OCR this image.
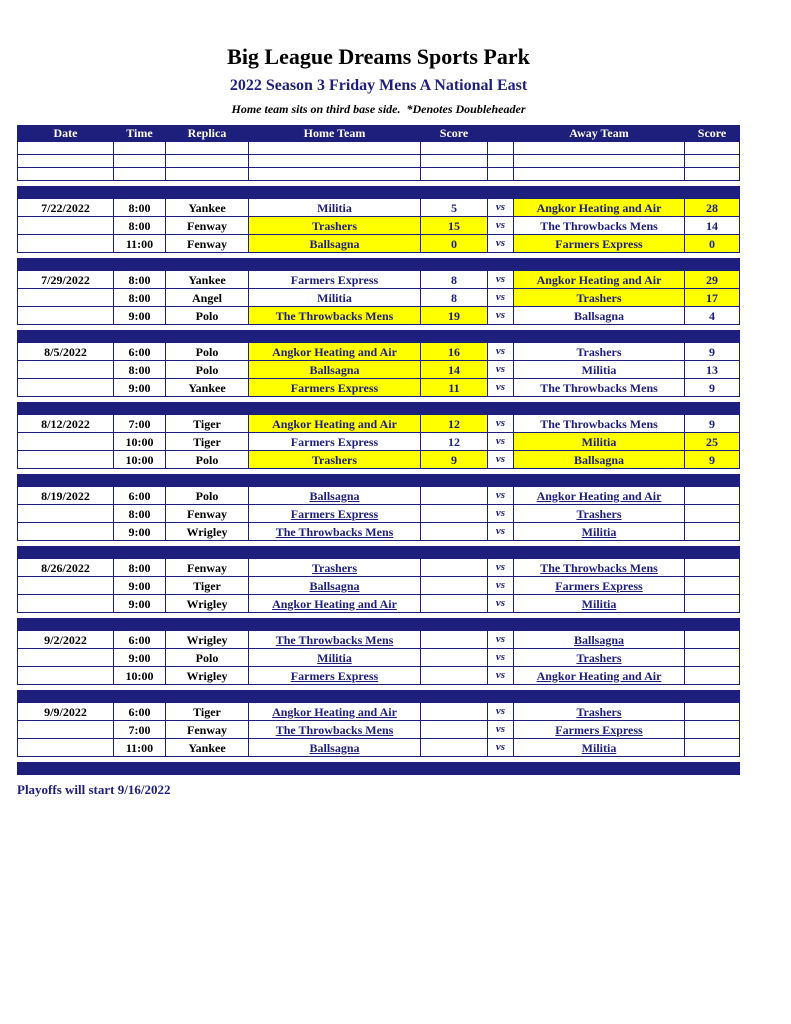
Big League Dreams Sports Park
2022 Season 3 Friday Mens A National East
Home team sits on third base side.  *Denotes Doubleheader
Date	Time	Replica	Home Team	Score	Away Team	Score
7/22/2022	8:00	Yankee	Militia	5	vs	Angkor Heating and Air	28
8:00	Fenway	Trashers	15	vs	The Throwbacks Mens	14
11:00	Fenway	Ballsagna	0	vs	Farmers Express	0
7/29/2022	8:00	Yankee	Farmers Express	8	vs	Angkor Heating and Air	29
8:00	Angel	Militia	8	vs	Trashers	17
9:00	Polo	The Throwbacks Mens	19	vs	Ballsagna	4
8/5/2022	6:00	Polo	Angkor Heating and Air	16	vs	Trashers	9
8:00	Polo	Ballsagna	14	vs	Militia	13
9:00	Yankee	Farmers Express	11	vs	The Throwbacks Mens	9
8/12/2022	7:00	Tiger	Angkor Heating and Air	12	vs	The Throwbacks Mens	9
10:00	Tiger	Farmers Express	12	vs	Militia	25
10:00	Polo	Trashers	9	vs	Ballsagna	9
8/19/2022	6:00	Polo	Ballsagna	vs	Angkor Heating and Air
8:00	Fenway	Farmers Express	vs	Trashers
9:00	Wrigley	The Throwbacks Mens	vs	Militia
8/26/2022	8:00	Fenway	Trashers	vs	The Throwbacks Mens
9:00	Tiger	Ballsagna	vs	Farmers Express
9:00	Wrigley	Angkor Heating and Air	vs	Militia
9/2/2022	6:00	Wrigley	The Throwbacks Mens	vs	Ballsagna
9:00	Polo	Militia	vs	Trashers
10:00	Wrigley	Farmers Express	vs	Angkor Heating and Air
9/9/2022	6:00	Tiger	Angkor Heating and Air	vs	Trashers
7:00	Fenway	The Throwbacks Mens	vs	Farmers Express
11:00	Yankee	Ballsagna	vs	Militia
Playoffs will start 9/16/2022
